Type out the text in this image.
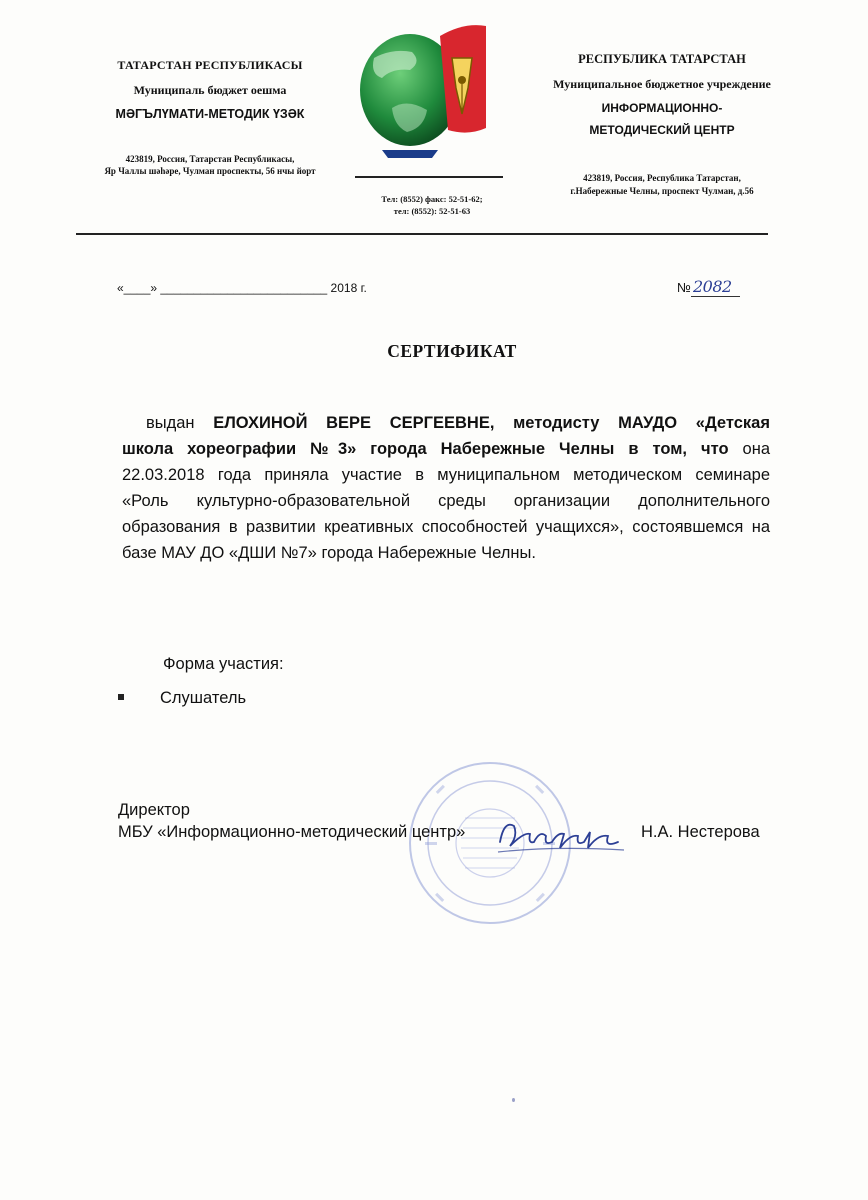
ТАТАРСТАН РЕСПУБЛИКАСЫ
Муниципаль бюджет оешма
МӘГЪЛҮМАТИ-МЕТОДИК ҮЗӘК
423819, Россия, Татарстан Республикасы,
Яр Чаллы шәһәре, Чулман проспекты, 56 нчы йорт
Тел: (8552) факс: 52-51-62;
тел: (8552): 52-51-63
РЕСПУБЛИКА ТАТАРСТАН
Муниципальное бюджетное учреждение
ИНФОРМАЦИОННО-
МЕТОДИЧЕСКИЙ ЦЕНТР
423819, Россия, Республика Татарстан,
г.Набережные Челны, проспект Чулман, д.56
«____» _________________________ 2018 г.	№ 2082
СЕРТИФИКАТ
выдан ЕЛОХИНОЙ ВЕРЕ СЕРГЕЕВНЕ, методисту МАУДО «Детская
школа хореографии №3» города Набережные Челны в том, что она
22.03.2018 года приняла участие в муниципальном методическом семинаре
«Роль культурно-образовательной среды организации дополнительного
образования в развитии креативных способностей учащихся», состоявшемся на
базе МАУ ДО «ДШИ №7» города Набережные Челны.
Форма участия:
Слушатель
Директор
МБУ «Информационно-методический центр»	Н.А. Нестерова
